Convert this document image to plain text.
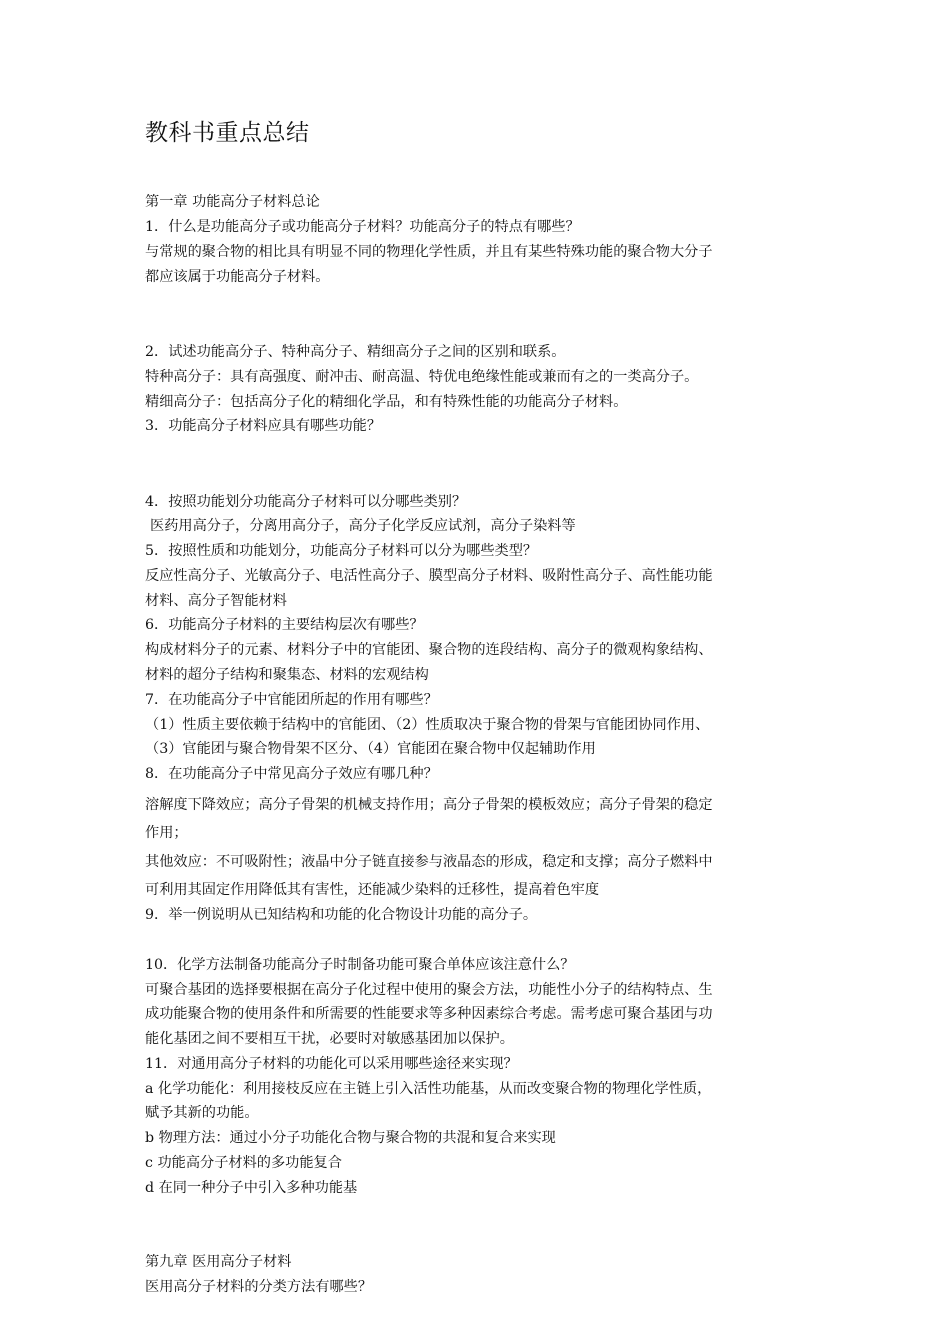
教科书重点总结
第一章 功能高分子材料总论
1．什么是功能高分子或功能高分子材料？功能高分子的特点有哪些？
与常规的聚合物的相比具有明显不同的物理化学性质，并且有某些特殊功能的聚合物大分子
都应该属于功能高分子材料。
2．试述功能高分子、特种高分子、精细高分子之间的区别和联系。
特种高分子：具有高强度、耐冲击、耐高温、特优电绝缘性能或兼而有之的一类高分子。
精细高分子：包括高分子化的精细化学品，和有特殊性能的功能高分子材料。
3．功能高分子材料应具有哪些功能？
4．按照功能划分功能高分子材料可以分哪些类别？
医药用高分子，分离用高分子，高分子化学反应试剂，高分子染料等
5．按照性质和功能划分，功能高分子材料可以分为哪些类型？
反应性高分子、光敏高分子、电活性高分子、膜型高分子材料、吸附性高分子、高性能功能
材料、高分子智能材料
6．功能高分子材料的主要结构层次有哪些？
构成材料分子的元素、材料分子中的官能团、聚合物的连段结构、高分子的微观构象结构、
材料的超分子结构和聚集态、材料的宏观结构
7．在功能高分子中官能团所起的作用有哪些？
（1）性质主要依赖于结构中的官能团、（2）性质取决于聚合物的骨架与官能团协同作用、
（3）官能团与聚合物骨架不区分、（4）官能团在聚合物中仅起辅助作用
8．在功能高分子中常见高分子效应有哪几种？
溶解度下降效应；高分子骨架的机械支持作用；高分子骨架的模板效应；高分子骨架的稳定
作用；
其他效应：不可吸附性；液晶中分子链直接参与液晶态的形成，稳定和支撑；高分子燃料中
可利用其固定作用降低其有害性，还能减少染料的迁移性，提高着色牢度
9．举一例说明从已知结构和功能的化合物设计功能的高分子。
10．化学方法制备功能高分子时制备功能可聚合单体应该注意什么？
可聚合基团的选择要根据在高分子化过程中使用的聚会方法，功能性小分子的结构特点、生
成功能聚合物的使用条件和所需要的性能要求等多种因素综合考虑。需考虑可聚合基团与功
能化基团之间不要相互干扰，必要时对敏感基团加以保护。
11．对通用高分子材料的功能化可以采用哪些途径来实现？
a 化学功能化：利用接枝反应在主链上引入活性功能基，从而改变聚合物的物理化学性质，
赋予其新的功能。
b 物理方法：通过小分子功能化合物与聚合物的共混和复合来实现
c 功能高分子材料的多功能复合
d 在同一种分子中引入多种功能基
第九章 医用高分子材料
医用高分子材料的分类方法有哪些？
